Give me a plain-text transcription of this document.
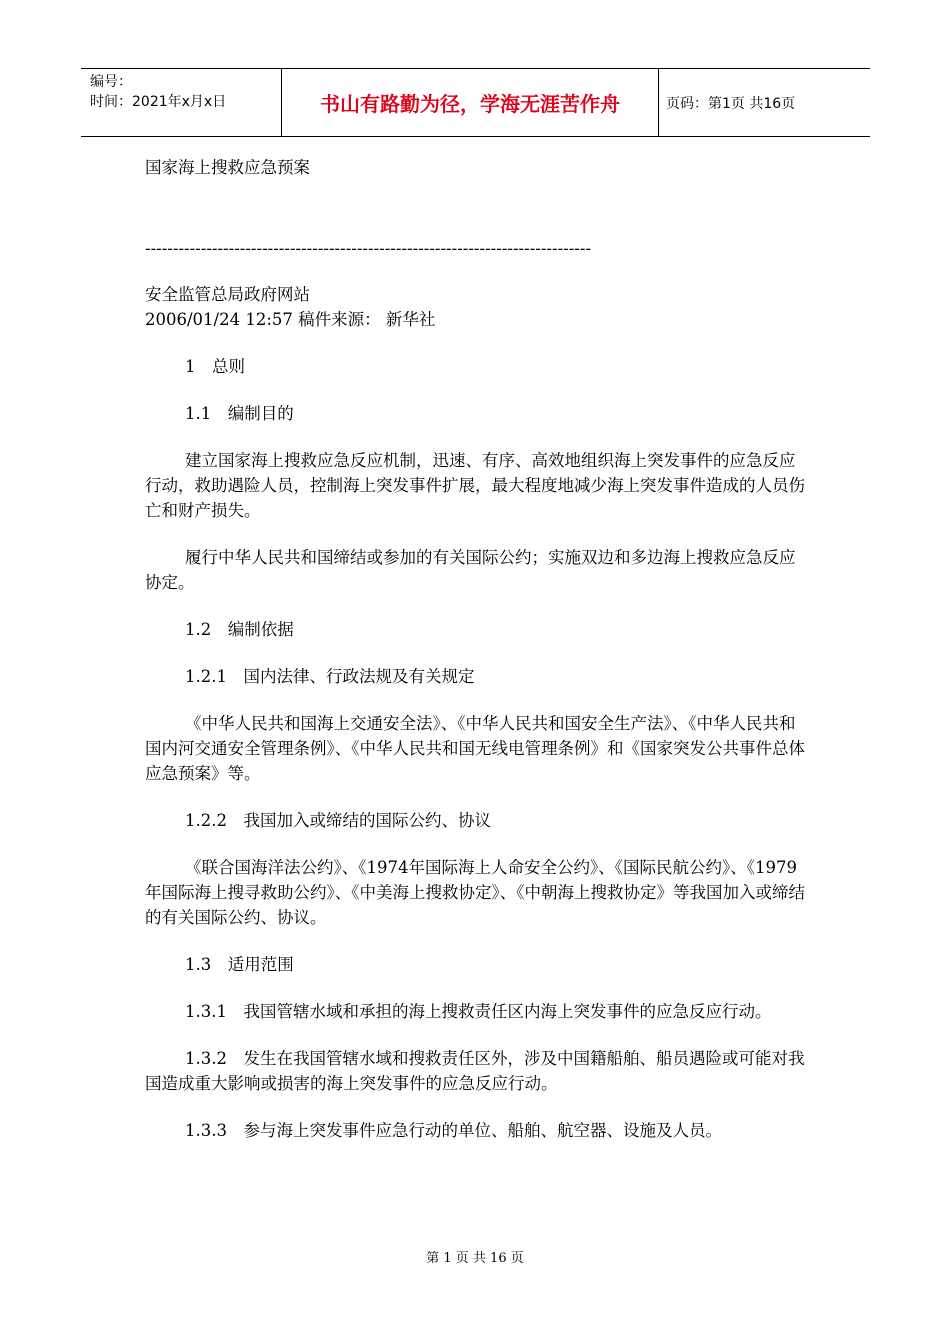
编号：
时间：2021年x月x日	书山有路勤为径，学海无涯苦作舟	页码：第1页 共16页

国家海上搜救应急预案

--------------------------------------------------------------------------------

安全监管总局政府网站

2006/01/24 12:57 稿件来源： 新华社

1　总则

1.1　编制目的

建立国家海上搜救应急反应机制，迅速、有序、高效地组织海上突发事件的应急反应行动，救助遇险人员，控制海上突发事件扩展，最大程度地减少海上突发事件造成的人员伤亡和财产损失。

履行中华人民共和国缔结或参加的有关国际公约；实施双边和多边海上搜救应急反应协定。

1.2　编制依据

1.2.1　国内法律、行政法规及有关规定

《中华人民共和国海上交通安全法》、《中华人民共和国安全生产法》、《中华人民共和国内河交通安全管理条例》、《中华人民共和国无线电管理条例》和《国家突发公共事件总体应急预案》等。

1.2.2　我国加入或缔结的国际公约、协议

《联合国海洋法公约》、《1974年国际海上人命安全公约》、《国际民航公约》、《1979年国际海上搜寻救助公约》、《中美海上搜救协定》、《中朝海上搜救协定》等我国加入或缔结的有关国际公约、协议。

1.3　适用范围

1.3.1　我国管辖水域和承担的海上搜救责任区内海上突发事件的应急反应行动。

1.3.2　发生在我国管辖水域和搜救责任区外，涉及中国籍船舶、船员遇险或可能对我国造成重大影响或损害的海上突发事件的应急反应行动。

1.3.3　参与海上突发事件应急行动的单位、船舶、航空器、设施及人员。

第 1 页 共 16 页
